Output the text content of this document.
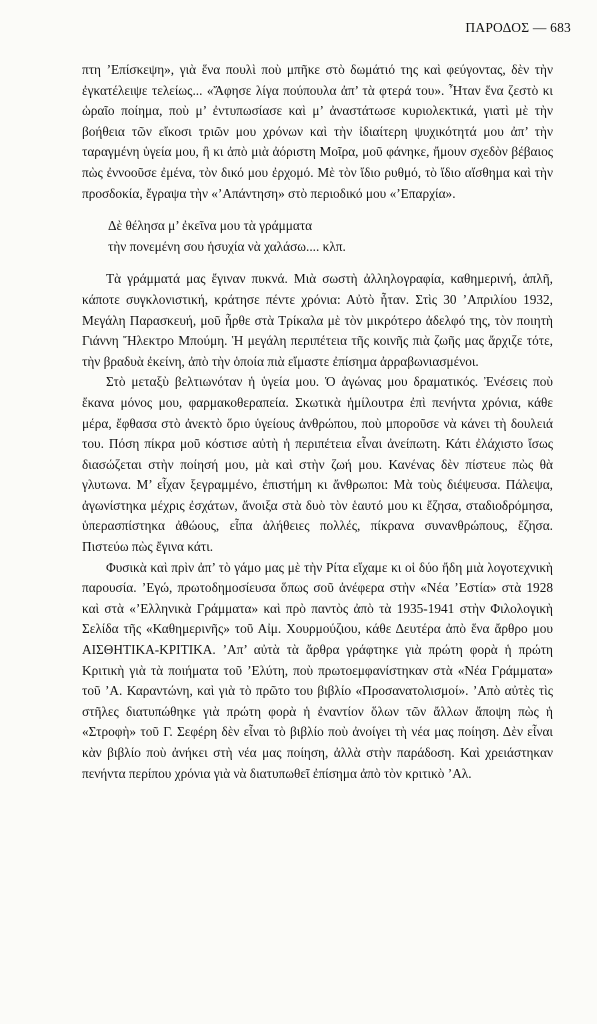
ΠΑΡΟΔΟΣ — 683

πτη ’Επίσκεψη», γιὰ ἕνα πουλὶ ποὺ μπῆκε στὸ δωμάτιό της καὶ φεύγοντας, δὲν τὴν ἐγκατέλειψε τελείως... «Ἄφησε λίγα πούπουλα ἀπ’ τὰ φτερά του». Ἦταν ἕνα ζεστὸ κι ὡραῖο ποίημα, ποὺ μ’ ἐντυπωσίασε καὶ μ’ ἀναστάτωσε κυριολεκτικά, γιατὶ μὲ τὴν βοήθεια τῶν εἴκοσι τριῶν μου χρόνων καὶ τὴν ἰδιαίτερη ψυχικότητά μου ἀπ’ τὴν ταραγμένη ὑγεία μου, ἢ κι ἀπὸ μιὰ ἀόριστη Μοῖρα, μοῦ φάνηκε, ἤμουν σχεδὸν βέβαιος πὼς ἐννοοῦσε ἐμένα, τὸν δικό μου ἐρχομό. Μὲ τὸν ἴδιο ρυθμό, τὸ ἴδιο αἴσθημα καὶ τὴν προσδοκία, ἔγραψα τὴν «’Απάντηση» στὸ περιοδικό μου «’Επαρχία».

Δὲ θέλησα μ’ ἐκεῖνα μου τὰ γράμματα
τὴν πονεμένη σου ἡσυχία νὰ χαλάσω.... κλπ.

Τὰ γράμματά μας ἔγιναν πυκνά. Μιὰ σωστὴ ἀλληλογραφία, καθημερινή, ἁπλῆ, κάποτε συγκλονιστική, κράτησε πέντε χρόνια: Αὐτὸ ἦταν. Στὶς 30 ’Απριλίου 1932, Μεγάλη Παρασκευή, μοῦ ἦρθε στὰ Τρίκαλα μὲ τὸν μικρότερο ἀδελφό της, τὸν ποιητὴ Γιάννη Ἤλεκτρο Μπούμη. Ἡ μεγάλη περιπέτεια τῆς κοινῆς πιὰ ζωῆς μας ἄρχιζε τότε, τὴν βραδυὰ ἐκείνη, ἀπὸ τὴν ὁποία πιὰ εἴμαστε ἐπίσημα ἀρραβωνιασμένοι.

Στὸ μεταξὺ βελτιωνόταν ἡ ὑγεία μου. Ὁ ἀγώνας μου δραματικός. Ἐνέσεις ποὺ ἔκανα μόνος μου, φαρμακοθεραπεία. Σκωτικὰ ἡμίλουτρα ἐπὶ πενήντα χρόνια, κάθε μέρα, ἔφθασα στὸ ἀνεκτὸ ὅριο ὑγείους ἀνθρώπου, ποὺ μποροῦσε νὰ κάνει τὴ δουλειά του. Πόση πίκρα μοῦ κόστισε αὐτὴ ἡ περιπέτεια εἶναι ἀνείπωτη. Κάτι ἐλάχιστο ἴσως διασώζεται στὴν ποίησή μου, μὰ καὶ στὴν ζωή μου. Κανένας δὲν πίστευε πὼς θὰ γλυτωνα. Μ’ εἶχαν ξεγραμμένο, ἐπιστήμη κι ἄνθρωποι: Μὰ τοὺς διέψευσα. Πάλεψα, ἀγωνίστηκα μέχρις ἐσχάτων, ἄνοιξα στὰ δυὸ τὸν ἑαυτό μου κι ἔζησα, σταδιοδρόμησα, ὑπερασπίστηκα ἀθώους, εἶπα ἀλήθειες πολλές, πίκρανα συνανθρώπους, ἔζησα. Πιστεύω πὼς ἔγινα κάτι.

Φυσικὰ καὶ πρὶν ἀπ’ τὸ γάμο μας μὲ τὴν Ρίτα εἴχαμε κι οἱ δύο ἤδη μιὰ λογοτεχνικὴ παρουσία. ’Εγώ, πρωτοδημοσίευσα ὅπως σοῦ ἀνέφερα στὴν «Νέα ’Εστία» στὰ 1928 καὶ στὰ «’Ελληνικὰ Γράμματα» καὶ πρὸ παντὸς ἀπὸ τὰ 1935-1941 στὴν Φιλολογικὴ Σελίδα τῆς «Καθημερινῆς» τοῦ Αἰμ. Χουρμούζιου, κάθε Δευτέρα ἀπὸ ἕνα ἄρθρο μου ΑΙΣΘΗΤΙΚΑ-ΚΡΙΤΙΚΑ. ’Απ’ αὐτὰ τὰ ἄρθρα γράφτηκε γιὰ πρώτη φορὰ ἡ πρώτη Κριτικὴ γιὰ τὰ ποιήματα τοῦ ’Ελύτη, ποὺ πρωτοεμφανίστηκαν στὰ «Νέα Γράμματα» τοῦ ’Α. Καραντώνη, καὶ γιὰ τὸ πρῶτο του βιβλίο «Προσανατολισμοί». ’Απὸ αὐτὲς τὶς στῆλες διατυπώθηκε γιὰ πρώτη φορὰ ἡ ἐναντίον ὅλων τῶν ἄλλων ἄποψη πὼς ἡ «Στροφὴ» τοῦ Γ. Σεφέρη δὲν εἶναι τὸ βιβλίο ποὺ ἀνοίγει τὴ νέα μας ποίηση. Δὲν εἶναι κὰν βιβλίο ποὺ ἀνήκει στὴ νέα μας ποίηση, ἀλλὰ στὴν παράδοση. Καὶ χρειάστηκαν πενήντα περίπου χρόνια γιὰ νὰ διατυπωθεῖ ἐπίσημα ἀπὸ τὸν κριτικὸ ’Αλ.
